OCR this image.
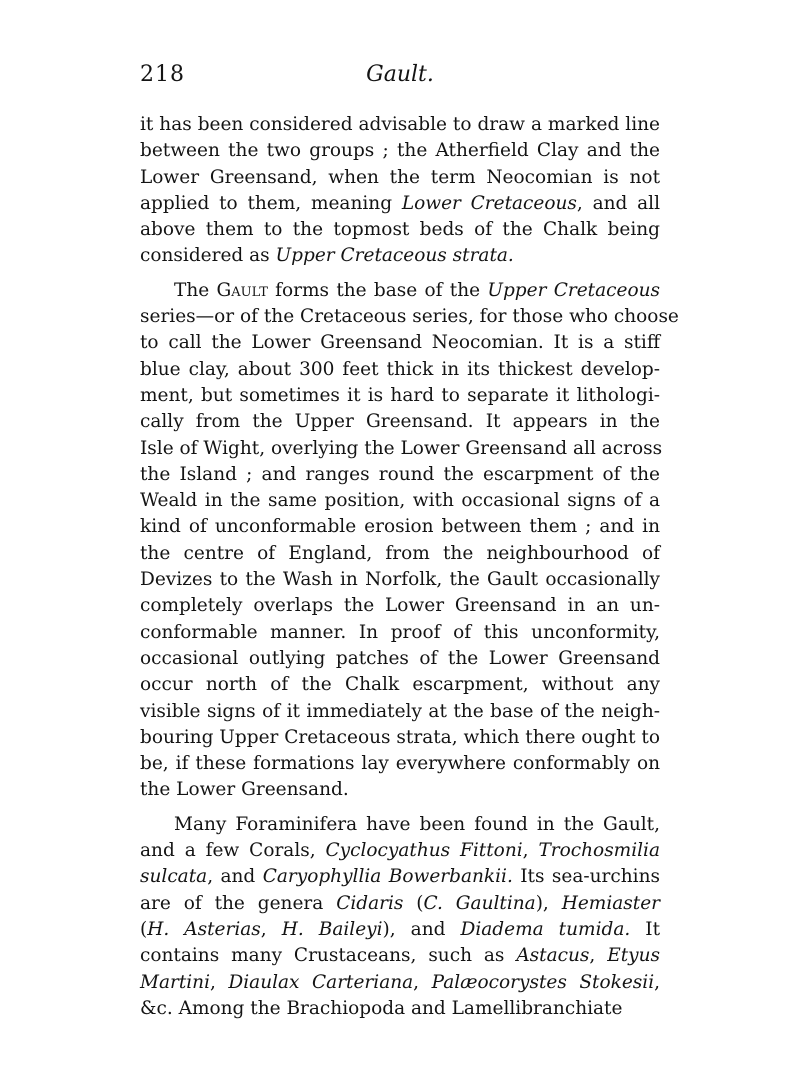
218	Gault.
it has been considered advisable to draw a marked line
between the two groups ; the Atherfield Clay and the
Lower Greensand, when the term Neocomian is not
applied to them, meaning Lower Cretaceous, and all
above them to the topmost beds of the Chalk being
considered as Upper Cretaceous strata.
The Gault forms the base of the Upper Cretaceous
series—or of the Cretaceous series, for those who choose
to call the Lower Greensand Neocomian. It is a stiff
blue clay, about 300 feet thick in its thickest develop-
ment, but sometimes it is hard to separate it lithologi-
cally from the Upper Greensand. It appears in the
Isle of Wight, overlying the Lower Greensand all across
the Island ; and ranges round the escarpment of the
Weald in the same position, with occasional signs of a
kind of unconformable erosion between them ; and in
the centre of England, from the neighbourhood of
Devizes to the Wash in Norfolk, the Gault occasionally
completely overlaps the Lower Greensand in an un-
conformable manner. In proof of this unconformity,
occasional outlying patches of the Lower Greensand
occur north of the Chalk escarpment, without any
visible signs of it immediately at the base of the neigh-
bouring Upper Cretaceous strata, which there ought to
be, if these formations lay everywhere conformably on
the Lower Greensand.
Many Foraminifera have been found in the Gault,
and a few Corals, Cyclocyathus Fittoni, Trochosmilia
sulcata, and Caryophyllia Bowerbankii. Its sea-urchins
are of the genera Cidaris (C. Gaultina), Hemiaster
(H. Asterias, H. Baileyi), and Diadema tumida. It
contains many Crustaceans, such as Astacus, Etyus
Martini, Diaulax Carteriana, Palæocorystes Stokesii,
&c. Among the Brachiopoda and Lamellibranchiate
